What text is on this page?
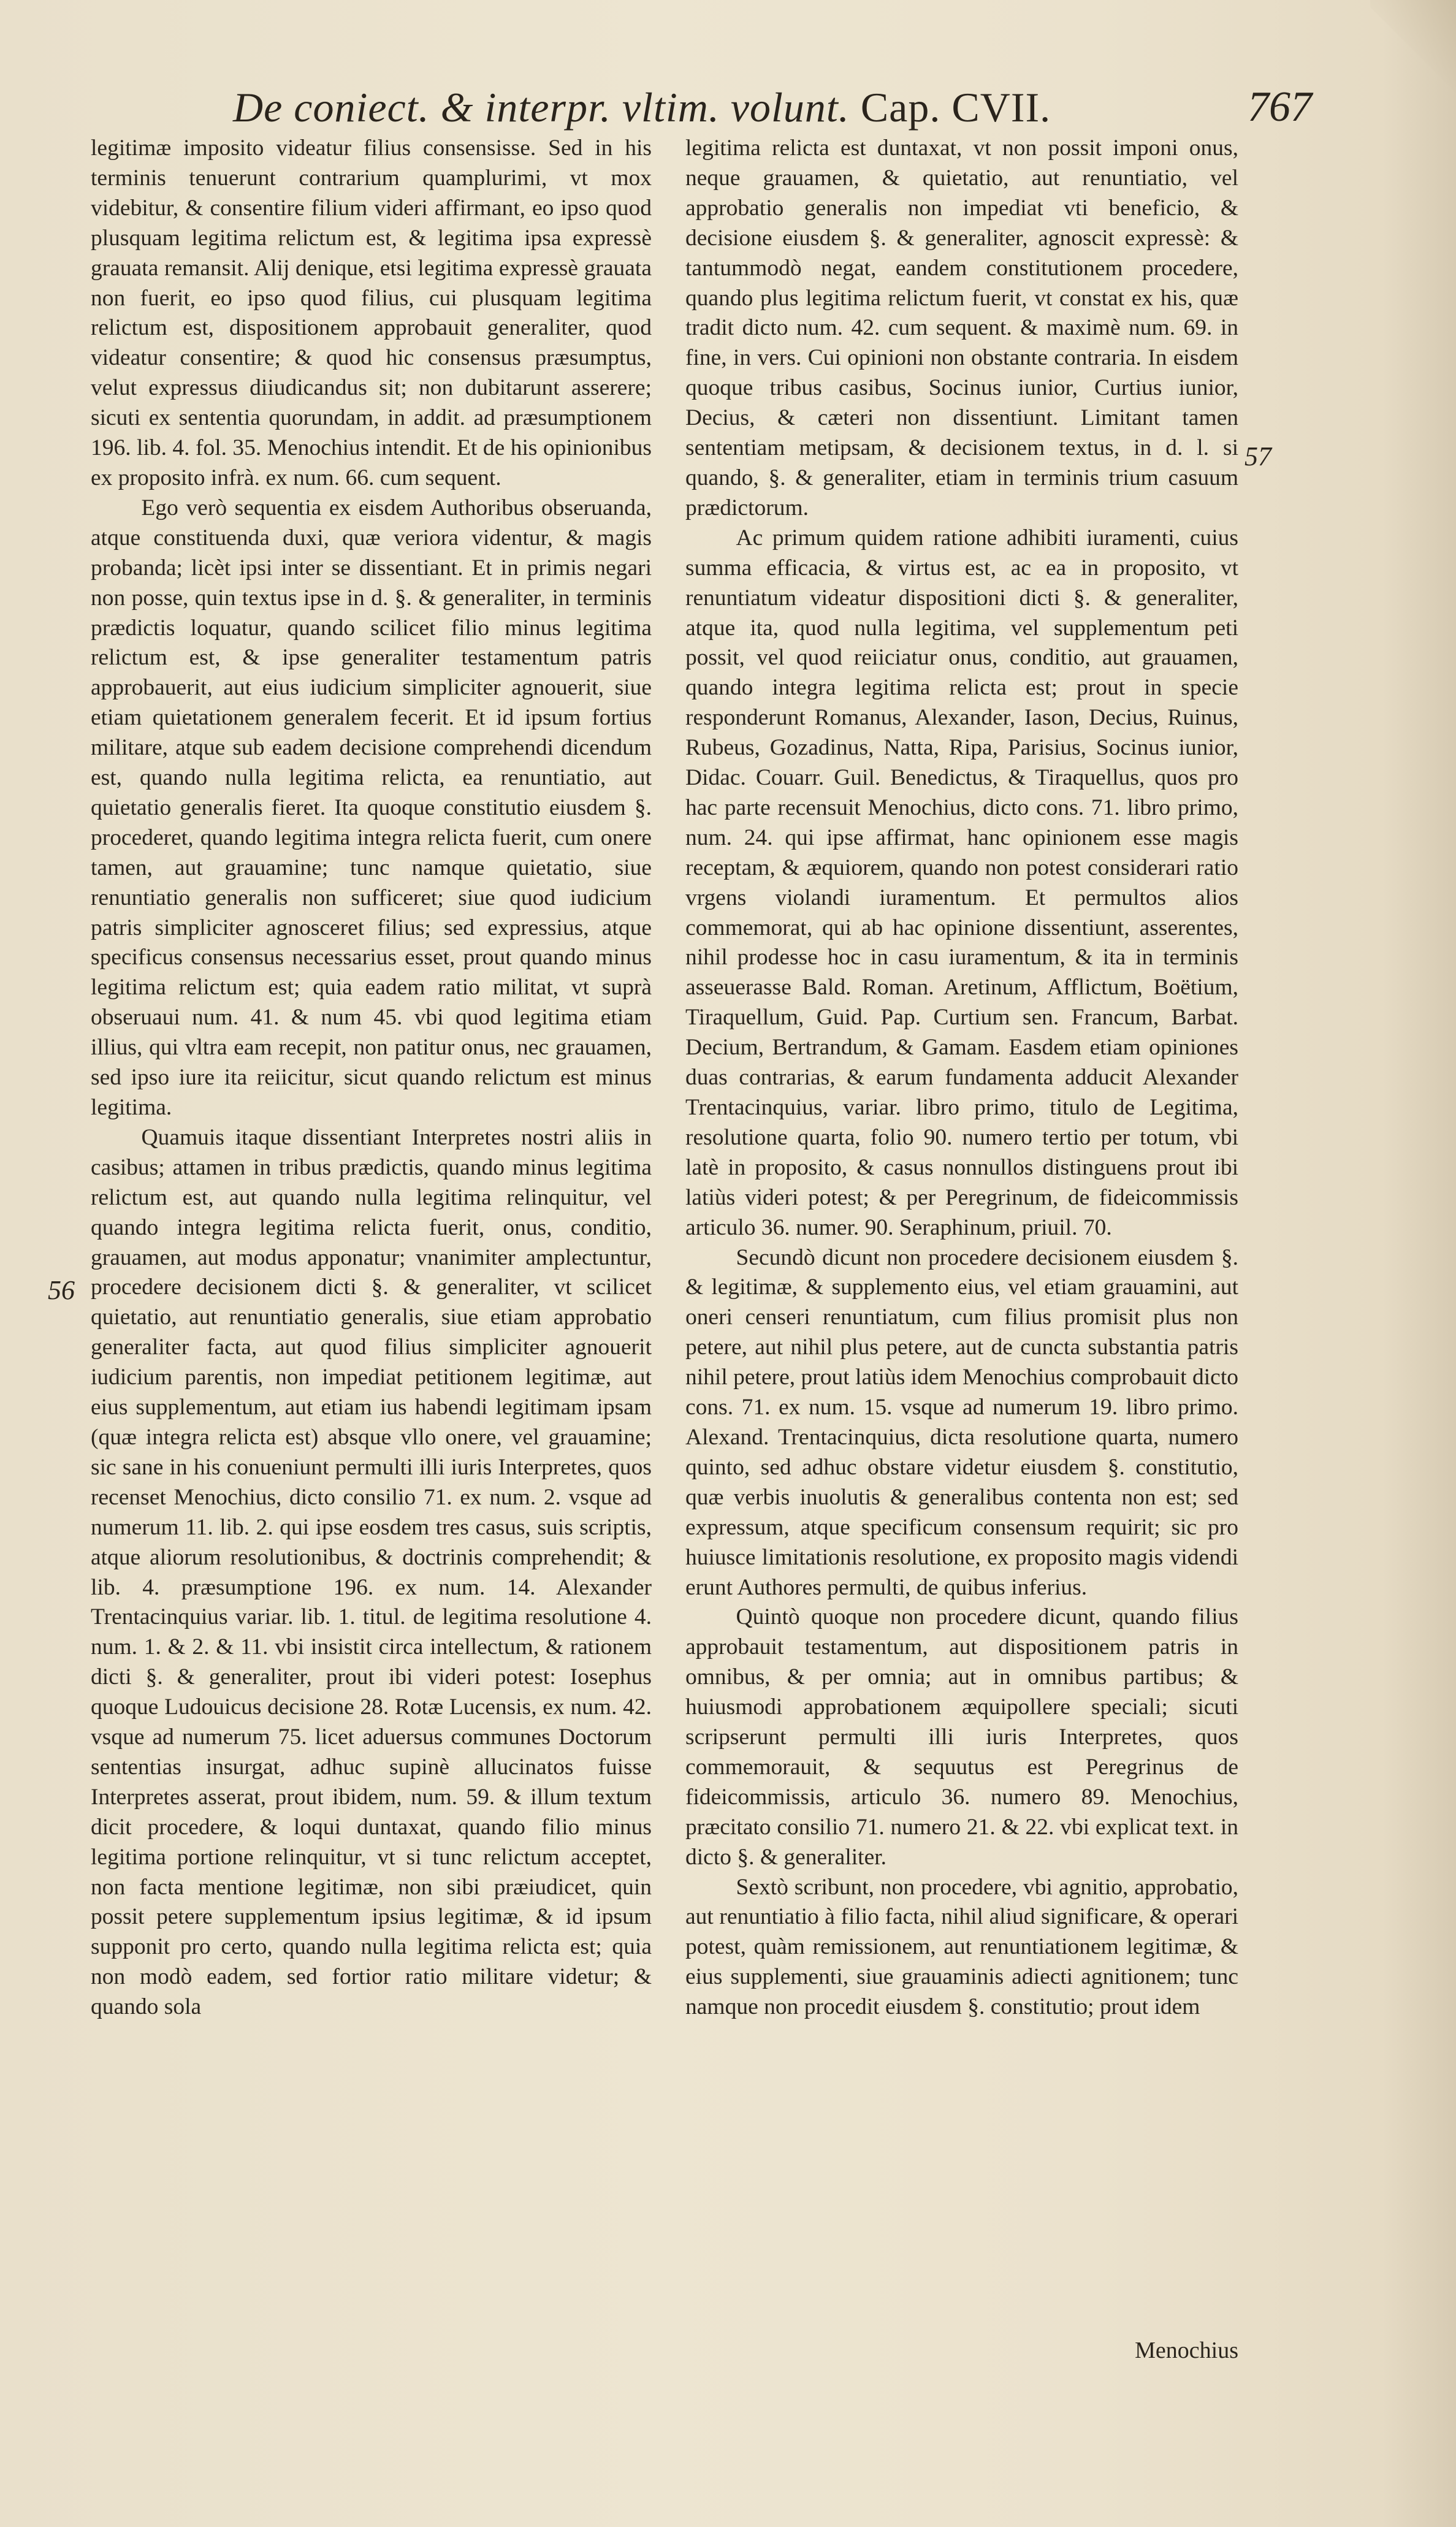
De coniect. & interpr. vltim. volunt. Cap. CVII.	767

legitimæ imposito videatur filius consensisse. Sed in his terminis tenuerunt contrarium quamplurimi, vt mox videbitur, & consentire filium videri affirmant, eo ipso quod plusquam legitima relictum est, & legitima ipsa expressè grauata remansit. Alij denique, etsi legitima expressè grauata non fuerit, eo ipso quod filius, cui plusquam legitima relictum est, dispositionem approbauit generaliter, quod videatur consentire; & quod hic consensus præsumptus, velut expressus diiudicandus sit; non dubitarunt asserere; sicuti ex sententia quorundam, in addit. ad præsumptionem 196. lib. 4. fol. 35. Menochius intendit. Et de his opinionibus ex proposito infrà. ex num. 66. cum sequent.

Ego verò sequentia ex eisdem Authoribus obseruanda, atque constituenda duxi, quæ veriora videntur, & magis probanda; licèt ipsi inter se dissentiant. Et in primis negari non posse, quin textus ipse in d. §. & generaliter, in terminis prædictis loquatur, quando scilicet filio minus legitima relictum est, & ipse generaliter testamentum patris approbauerit, aut eius iudicium simpliciter agnouerit, siue etiam quietationem generalem fecerit. Et id ipsum fortius militare, atque sub eadem decisione comprehendi dicendum est, quando nulla legitima relicta, ea renuntiatio, aut quietatio generalis fieret. Ita quoque constitutio eiusdem §. procederet, quando legitima integra relicta fuerit, cum onere tamen, aut grauamine; tunc namque quietatio, siue renuntiatio generalis non sufficeret; siue quod iudicium patris simpliciter agnosceret filius; sed expressius, atque specificus consensus necessarius esset, prout quando minus legitima relictum est; quia eadem ratio militat, vt suprà obseruaui num. 41. & num 45. vbi quod legitima etiam illius, qui vltra eam recepit, non patitur onus, nec grauamen, sed ipso iure ita reiicitur, sicut quando relictum est minus legitima.

Quamuis itaque dissentiant Interpretes nostri aliis in casibus; attamen in tribus prædictis, quando minus legitima relictum est, aut quando nulla legitima relinquitur, vel quando integra legitima relicta fuerit, onus, conditio, grauamen, aut modus apponatur; vnanimiter amplectuntur, procedere decisionem dicti §. & generaliter, vt scilicet quietatio, aut renuntiatio generalis, siue etiam approbatio generaliter facta, aut quod filius simpliciter agnouerit iudicium parentis, non impediat petitionem legitimæ, aut eius supplementum, aut etiam ius habendi legitimam ipsam (quæ integra relicta est) absque vllo onere, vel grauamine; sic sane in his conueniunt permulti illi iuris Interpretes, quos recenset Menochius, dicto consilio 71. ex num. 2. vsque ad numerum 11. lib. 2. qui ipse eosdem tres casus, suis scriptis, atque aliorum resolutionibus, & doctrinis comprehendit; & lib. 4. præsumptione 196. ex num. 14. Alexander Trentacinquius variar. lib. 1. titul. de legitima resolutione 4. num. 1. & 2. & 11. vbi insistit circa intellectum, & rationem dicti §. & generaliter, prout ibi videri potest: Iosephus quoque Ludouicus decisione 28. Rotæ Lucensis, ex num. 42. vsque ad numerum 75. licet aduersus communes Doctorum sententias insurgat, adhuc supinè allucinatos fuisse Interpretes asserat, prout ibidem, num. 59. & illum textum dicit procedere, & loqui duntaxat, quando filio minus legitima portione relinquitur, vt si tunc relictum acceptet, non facta mentione legitimæ, non sibi præiudicet, quin possit petere supplementum ipsius legitimæ, & id ipsum supponit pro certo, quando nulla legitima relicta est; quia non modò eadem, sed fortior ratio militare videtur; & quando sola

legitima relicta est duntaxat, vt non possit imponi onus, neque grauamen, & quietatio, aut renuntiatio, vel approbatio generalis non impediat vti beneficio, & decisione eiusdem §. & generaliter, agnoscit expressè: & tantummodò negat, eandem constitutionem procedere, quando plus legitima relictum fuerit, vt constat ex his, quæ tradit dicto num. 42. cum sequent. & maximè num. 69. in fine, in vers. Cui opinioni non obstante contraria. In eisdem quoque tribus casibus, Socinus iunior, Curtius iunior, Decius, & cæteri non dissentiunt. Limitant tamen sententiam metipsam, & decisionem textus, in d. l. si quando, §. & generaliter, etiam in terminis trium casuum prædictorum.

Ac primum quidem ratione adhibiti iuramenti, cuius summa efficacia, & virtus est, ac ea in proposito, vt renuntiatum videatur dispositioni dicti §. & generaliter, atque ita, quod nulla legitima, vel supplementum peti possit, vel quod reiiciatur onus, conditio, aut grauamen, quando integra legitima relicta est; prout in specie responderunt Romanus, Alexander, Iason, Decius, Ruinus, Rubeus, Gozadinus, Natta, Ripa, Parisius, Socinus iunior, Didac. Couarr. Guil. Benedictus, & Tiraquellus, quos pro hac parte recensuit Menochius, dicto cons. 71. libro primo, num. 24. qui ipse affirmat, hanc opinionem esse magis receptam, & æquiorem, quando non potest considerari ratio vrgens violandi iuramentum. Et permultos alios commemorat, qui ab hac opinione dissentiunt, asserentes, nihil prodesse hoc in casu iuramentum, & ita in terminis asseuerasse Bald. Roman. Aretinum, Afflictum, Boëtium, Tiraquellum, Guid. Pap. Curtium sen. Francum, Barbat. Decium, Bertrandum, & Gamam. Easdem etiam opiniones duas contrarias, & earum fundamenta adducit Alexander Trentacinquius, variar. libro primo, titulo de Legitima, resolutione quarta, folio 90. numero tertio per totum, vbi latè in proposito, & casus nonnullos distinguens prout ibi latiùs videri potest; & per Peregrinum, de fideicommissis articulo 36. numer. 90. Seraphinum, priuil. 70.

Secundò dicunt non procedere decisionem eiusdem §. & legitimæ, & supplemento eius, vel etiam grauamini, aut oneri censeri renuntiatum, cum filius promisit plus non petere, aut nihil plus petere, aut de cuncta substantia patris nihil petere, prout latiùs idem Menochius comprobauit dicto cons. 71. ex num. 15. vsque ad numerum 19. libro primo. Alexand. Trentacinquius, dicta resolutione quarta, numero quinto, sed adhuc obstare videtur eiusdem §. constitutio, quæ verbis inuolutis & generalibus contenta non est; sed expressum, atque specificum consensum requirit; sic pro huiusce limitationis resolutione, ex proposito magis videndi erunt Authores permulti, de quibus inferius.

Quintò quoque non procedere dicunt, quando filius approbauit testamentum, aut dispositionem patris in omnibus, & per omnia; aut in omnibus partibus; & huiusmodi approbationem æquipollere speciali; sicuti scripserunt permulti illi iuris Interpretes, quos commemorauit, & sequutus est Peregrinus de fideicommissis, articulo 36. numero 89. Menochius, præcitato consilio 71. numero 21. & 22. vbi explicat text. in dicto §. & generaliter.

Sextò scribunt, non procedere, vbi agnitio, approbatio, aut renuntiatio à filio facta, nihil aliud significare, & operari potest, quàm remissionem, aut renuntiationem legitimæ, & eius supplementi, siue grauaminis adiecti agnitionem; tunc namque non procedit eiusdem §. constitutio; prout idem

56
57
Menochius
